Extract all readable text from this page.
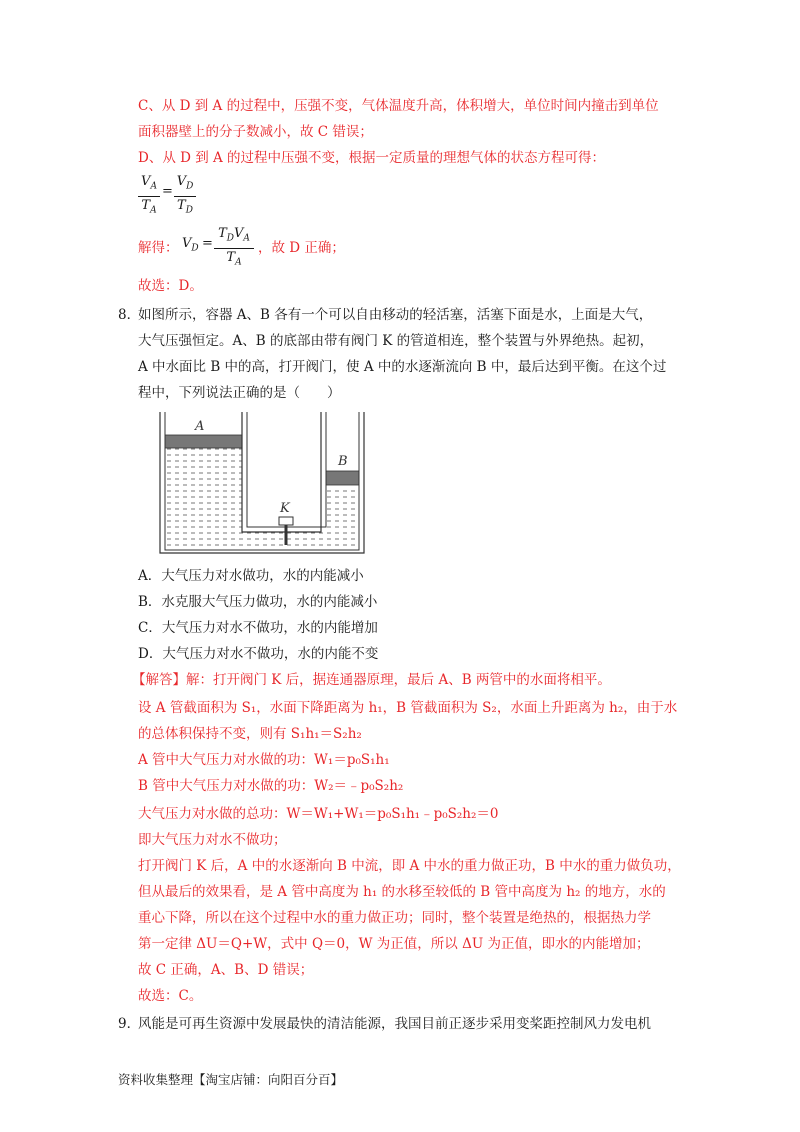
C、从 D 到 A 的过程中，压强不变，气体温度升高，体积增大，单位时间内撞击到单位
面积器壁上的分子数减小，故 C 错误；
D、从 D 到 A 的过程中压强不变，根据一定质量的理想气体的状态方程可得：
$V_A$
$T_A$
=
$V_D$
$T_D$
解得： $V_D$ =
$T_DV_A$
$T_A$
，故 D 正确；
故选：D。
8．
如图所示，容器 A、B 各有一个可以自由移动的轻活塞，活塞下面是水，上面是大气，
大气压强恒定。A、B 的底部由带有阀门 K 的管道相连，整个装置与外界绝热。起初，
A 中水面比 B 中的高，打开阀门，使 A 中的水逐渐流向 B 中，最后达到平衡。在这个过
程中，下列说法正确的是（　　）
A
B
K
A．大气压力对水做功，水的内能减小
B．水克服大气压力做功，水的内能减小
C．大气压力对水不做功，水的内能增加
D．大气压力对水不做功，水的内能不变
【解答】解：打开阀门 K 后，据连通器原理，最后 A、B 两管中的水面将相平。
设 A 管截面积为 S₁，水面下降距离为 h₁，B 管截面积为 S₂，水面上升距离为 h₂，由于水
的总体积保持不变，则有 S₁h₁＝S₂h₂
A 管中大气压力对水做的功：W₁＝p₀S₁h₁
B 管中大气压力对水做的功：W₂＝﹣p₀S₂h₂
大气压力对水做的总功：W＝W₁+W₁＝p₀S₁h₁﹣p₀S₂h₂＝0
即大气压力对水不做功；
打开阀门 K 后，A 中的水逐渐向 B 中流，即 A 中水的重力做正功，B 中水的重力做负功，
但从最后的效果看，是 A 管中高度为 h₁ 的水移至较低的 B 管中高度为 h₂ 的地方，水的
重心下降，所以在这个过程中水的重力做正功；同时，整个装置是绝热的，根据热力学
第一定律 ΔU＝Q+W，式中 Q＝0，W 为正值，所以 ΔU 为正值，即水的内能增加；
故 C 正确，A、B、D 错误；
故选：C。
9．
风能是可再生资源中发展最快的清洁能源，我国目前正逐步采用变桨距控制风力发电机
资料收集整理【淘宝店铺：向阳百分百】
